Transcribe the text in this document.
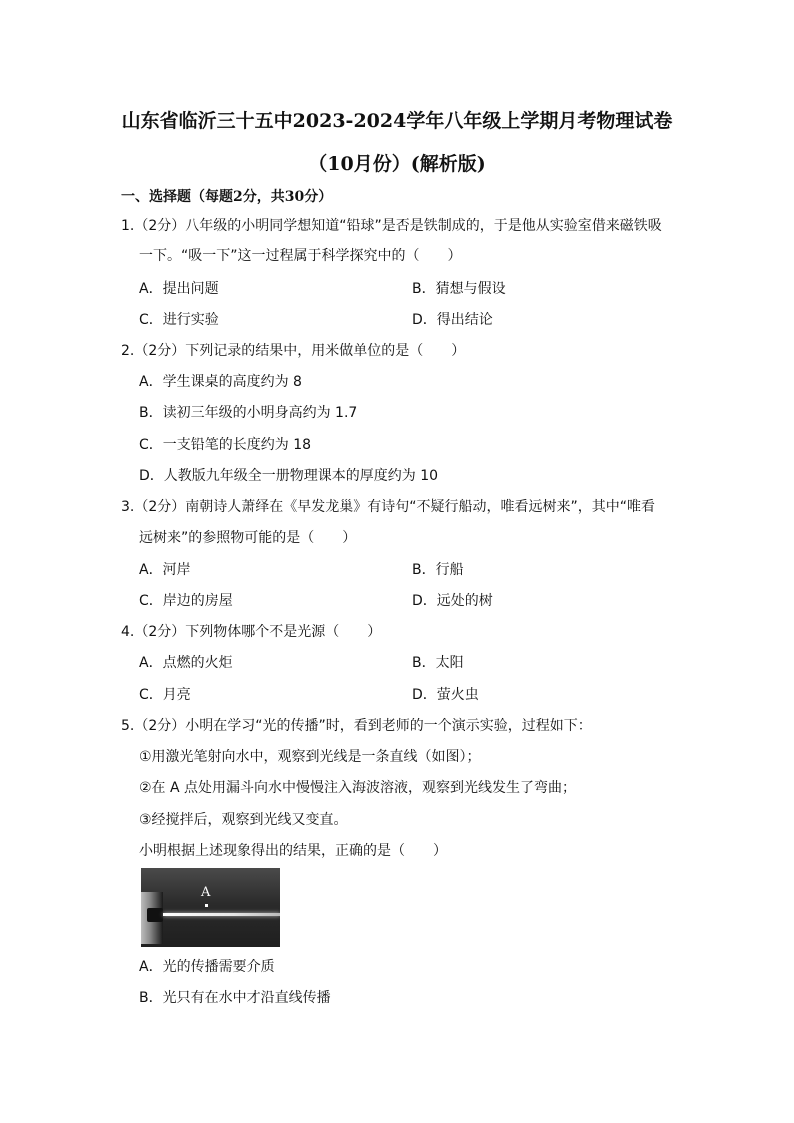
山东省临沂三十五中2023-2024学年八年级上学期月考物理试卷
（10月份）(解析版)
一、选择题（每题2分，共30分）
1.（2分）八年级的小明同学想知道“铅球”是否是铁制成的，于是他从实验室借来磁铁吸
一下。“吸一下”这一过程属于科学探究中的（　　）
A．提出问题	B．猜想与假设
C．进行实验	D．得出结论
2.（2分）下列记录的结果中，用米做单位的是（　　）
A．学生课桌的高度约为 8
B．读初三年级的小明身高约为 1.7
C．一支铅笔的长度约为 18
D．人教版九年级全一册物理课本的厚度约为 10
3.（2分）南朝诗人萧绎在《早发龙巢》有诗句“不疑行船动，唯看远树来”，其中“唯看
远树来”的参照物可能的是（　　）
A．河岸	B．行船
C．岸边的房屋	D．远处的树
4.（2分）下列物体哪个不是光源（　　）
A．点燃的火炬	B．太阳
C．月亮	D．萤火虫
5.（2分）小明在学习“光的传播”时，看到老师的一个演示实验，过程如下：
①用激光笔射向水中，观察到光线是一条直线（如图）；
②在 A 点处用漏斗向水中慢慢注入海波溶液，观察到光线发生了弯曲；
③经搅拌后，观察到光线又变直。
小明根据上述现象得出的结果，正确的是（　　）
A
A．光的传播需要介质
B．光只有在水中才沿直线传播
